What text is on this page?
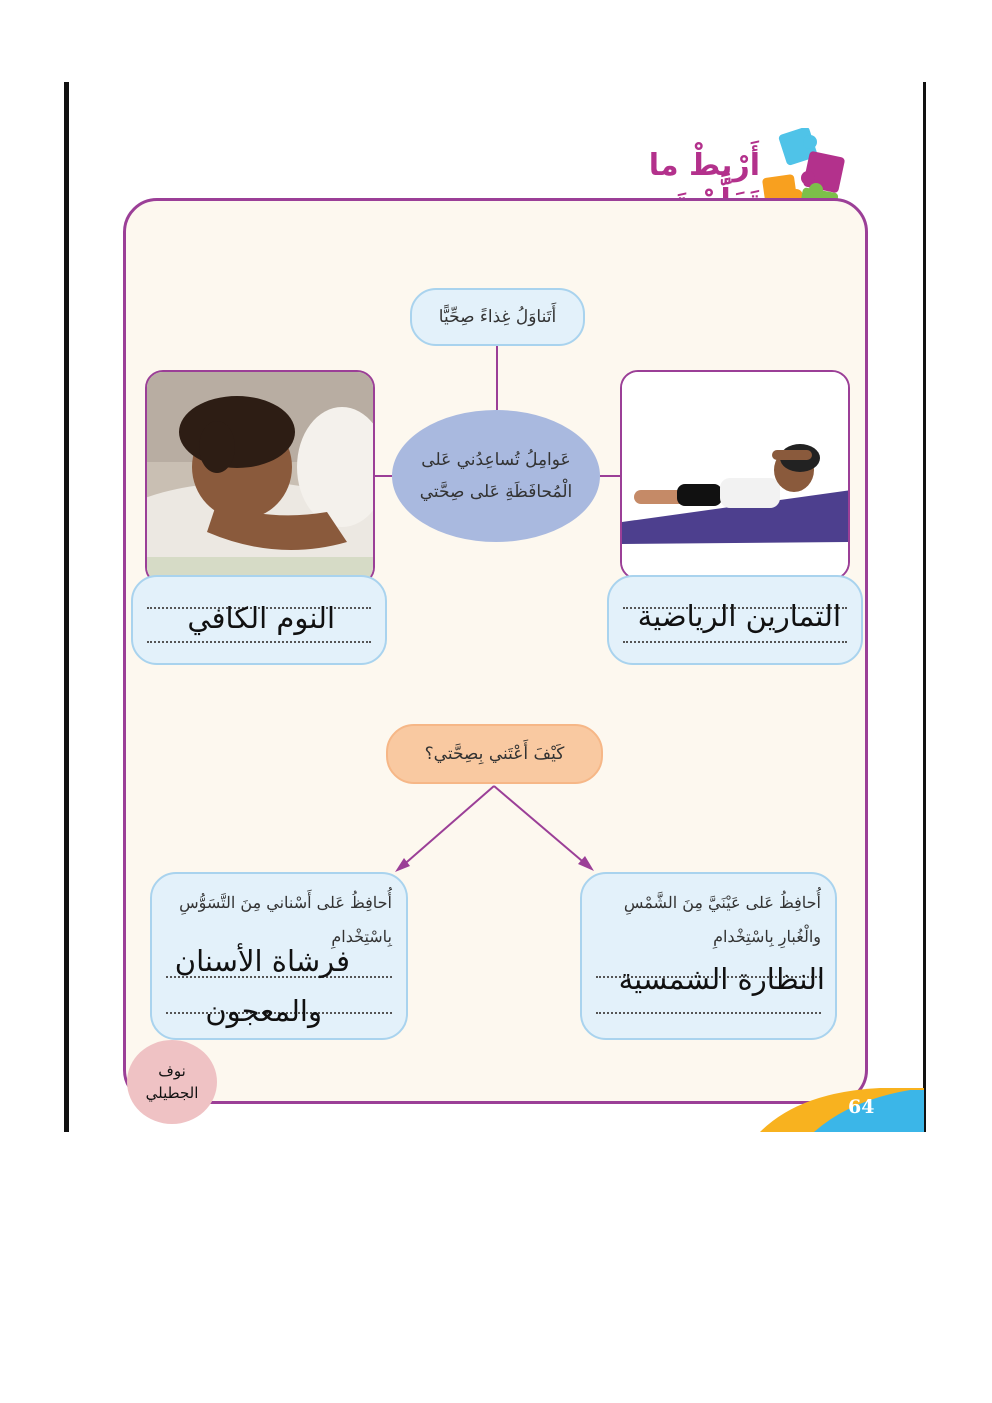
أَرْبِطْ ما
أَتَناوَلُ غِذاءً صِحِّيًّا
عَوامِلُ تُساعِدُني عَلى الْمُحافَظَةِ عَلى صِحَّتي
النوم الكافي	التمارين الرياضية
كَيْفَ أَعْتَني بِصِحَّتي؟
أُحافِظُ عَلى أَسْناني مِنَ التَّسَوُّسِ بِاسْتِخْدامِ
فرشاة الأسنان
والمعجون
أُحافِظُ عَلى عَيْنَيَّ مِنَ الشَّمْسِ والْغُبارِ بِاسْتِخْدامِ
النظارة الشمسية
نوف
الجطيلي
64
